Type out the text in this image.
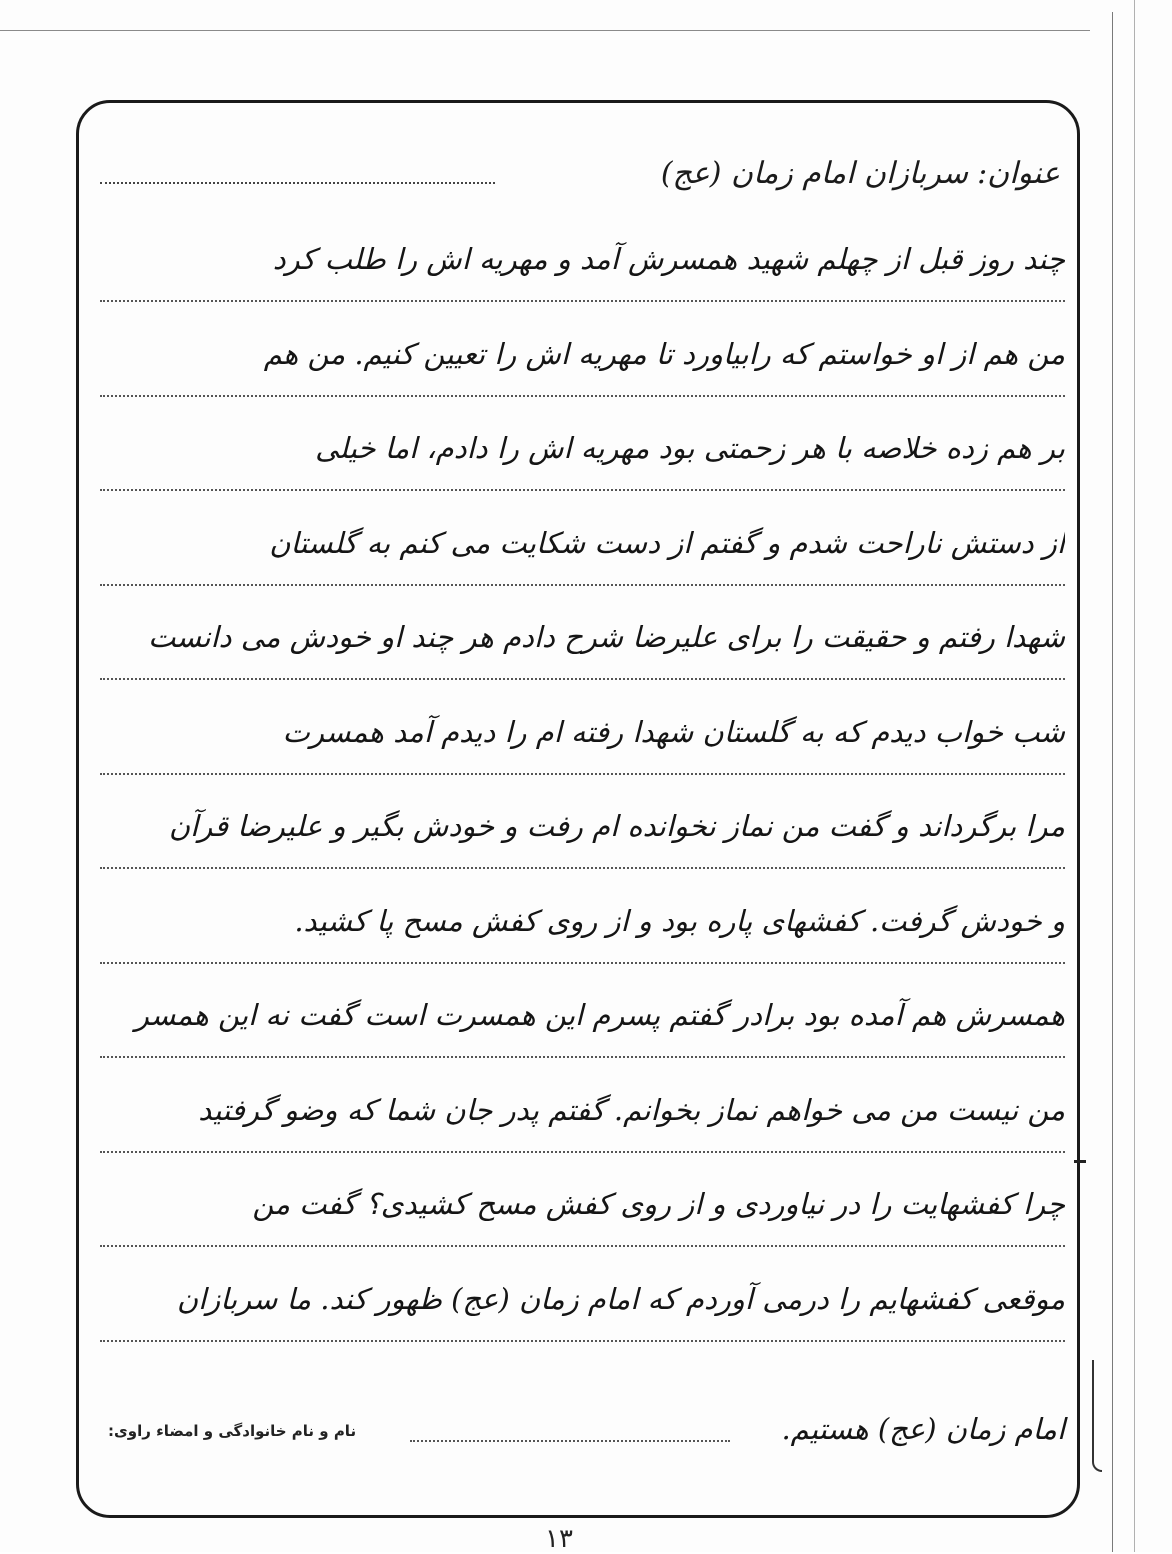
عنوان:
سربازان امام زمان (عج)
چند روز قبل از چهلم شهید همسرش آمد و مهریه اش را طلب کرد
من هم از او خواستم که رابیاورد تا مهریه اش را تعیین کنیم. من هم
بر هم زده خلاصه با هر زحمتی بود مهریه اش را دادم، اما خیلی
از دستش ناراحت شدم و گفتم از دست شکایت می کنم به گلستان
شهدا رفتم و حقیقت را برای علیرضا شرح دادم هر چند او خودش می دانست
شب خواب دیدم که به گلستان شهدا رفته ام را دیدم آمد همسرت
مرا برگرداند و گفت من نماز نخوانده ام رفت و خودش بگیر و علیرضا قرآن
و خودش گرفت. کفشهای پاره بود و از روی کفش مسح پا کشید.
همسرش هم آمده بود برادر گفتم پسرم این همسرت است گفت نه این همسر
من نیست من می خواهم نماز بخوانم. گفتم پدر جان شما که وضو گرفتید
چرا کفشهایت را در نیاوردی و از روی کفش مسح کشیدی؟ گفت من
موقعی کفشهایم را درمی آوردم که امام زمان (عج) ظهور کند. ما سربازان
امام زمان (عج) هستیم.
نام و نام خانوادگی و امضاء راوی:
۱۳
